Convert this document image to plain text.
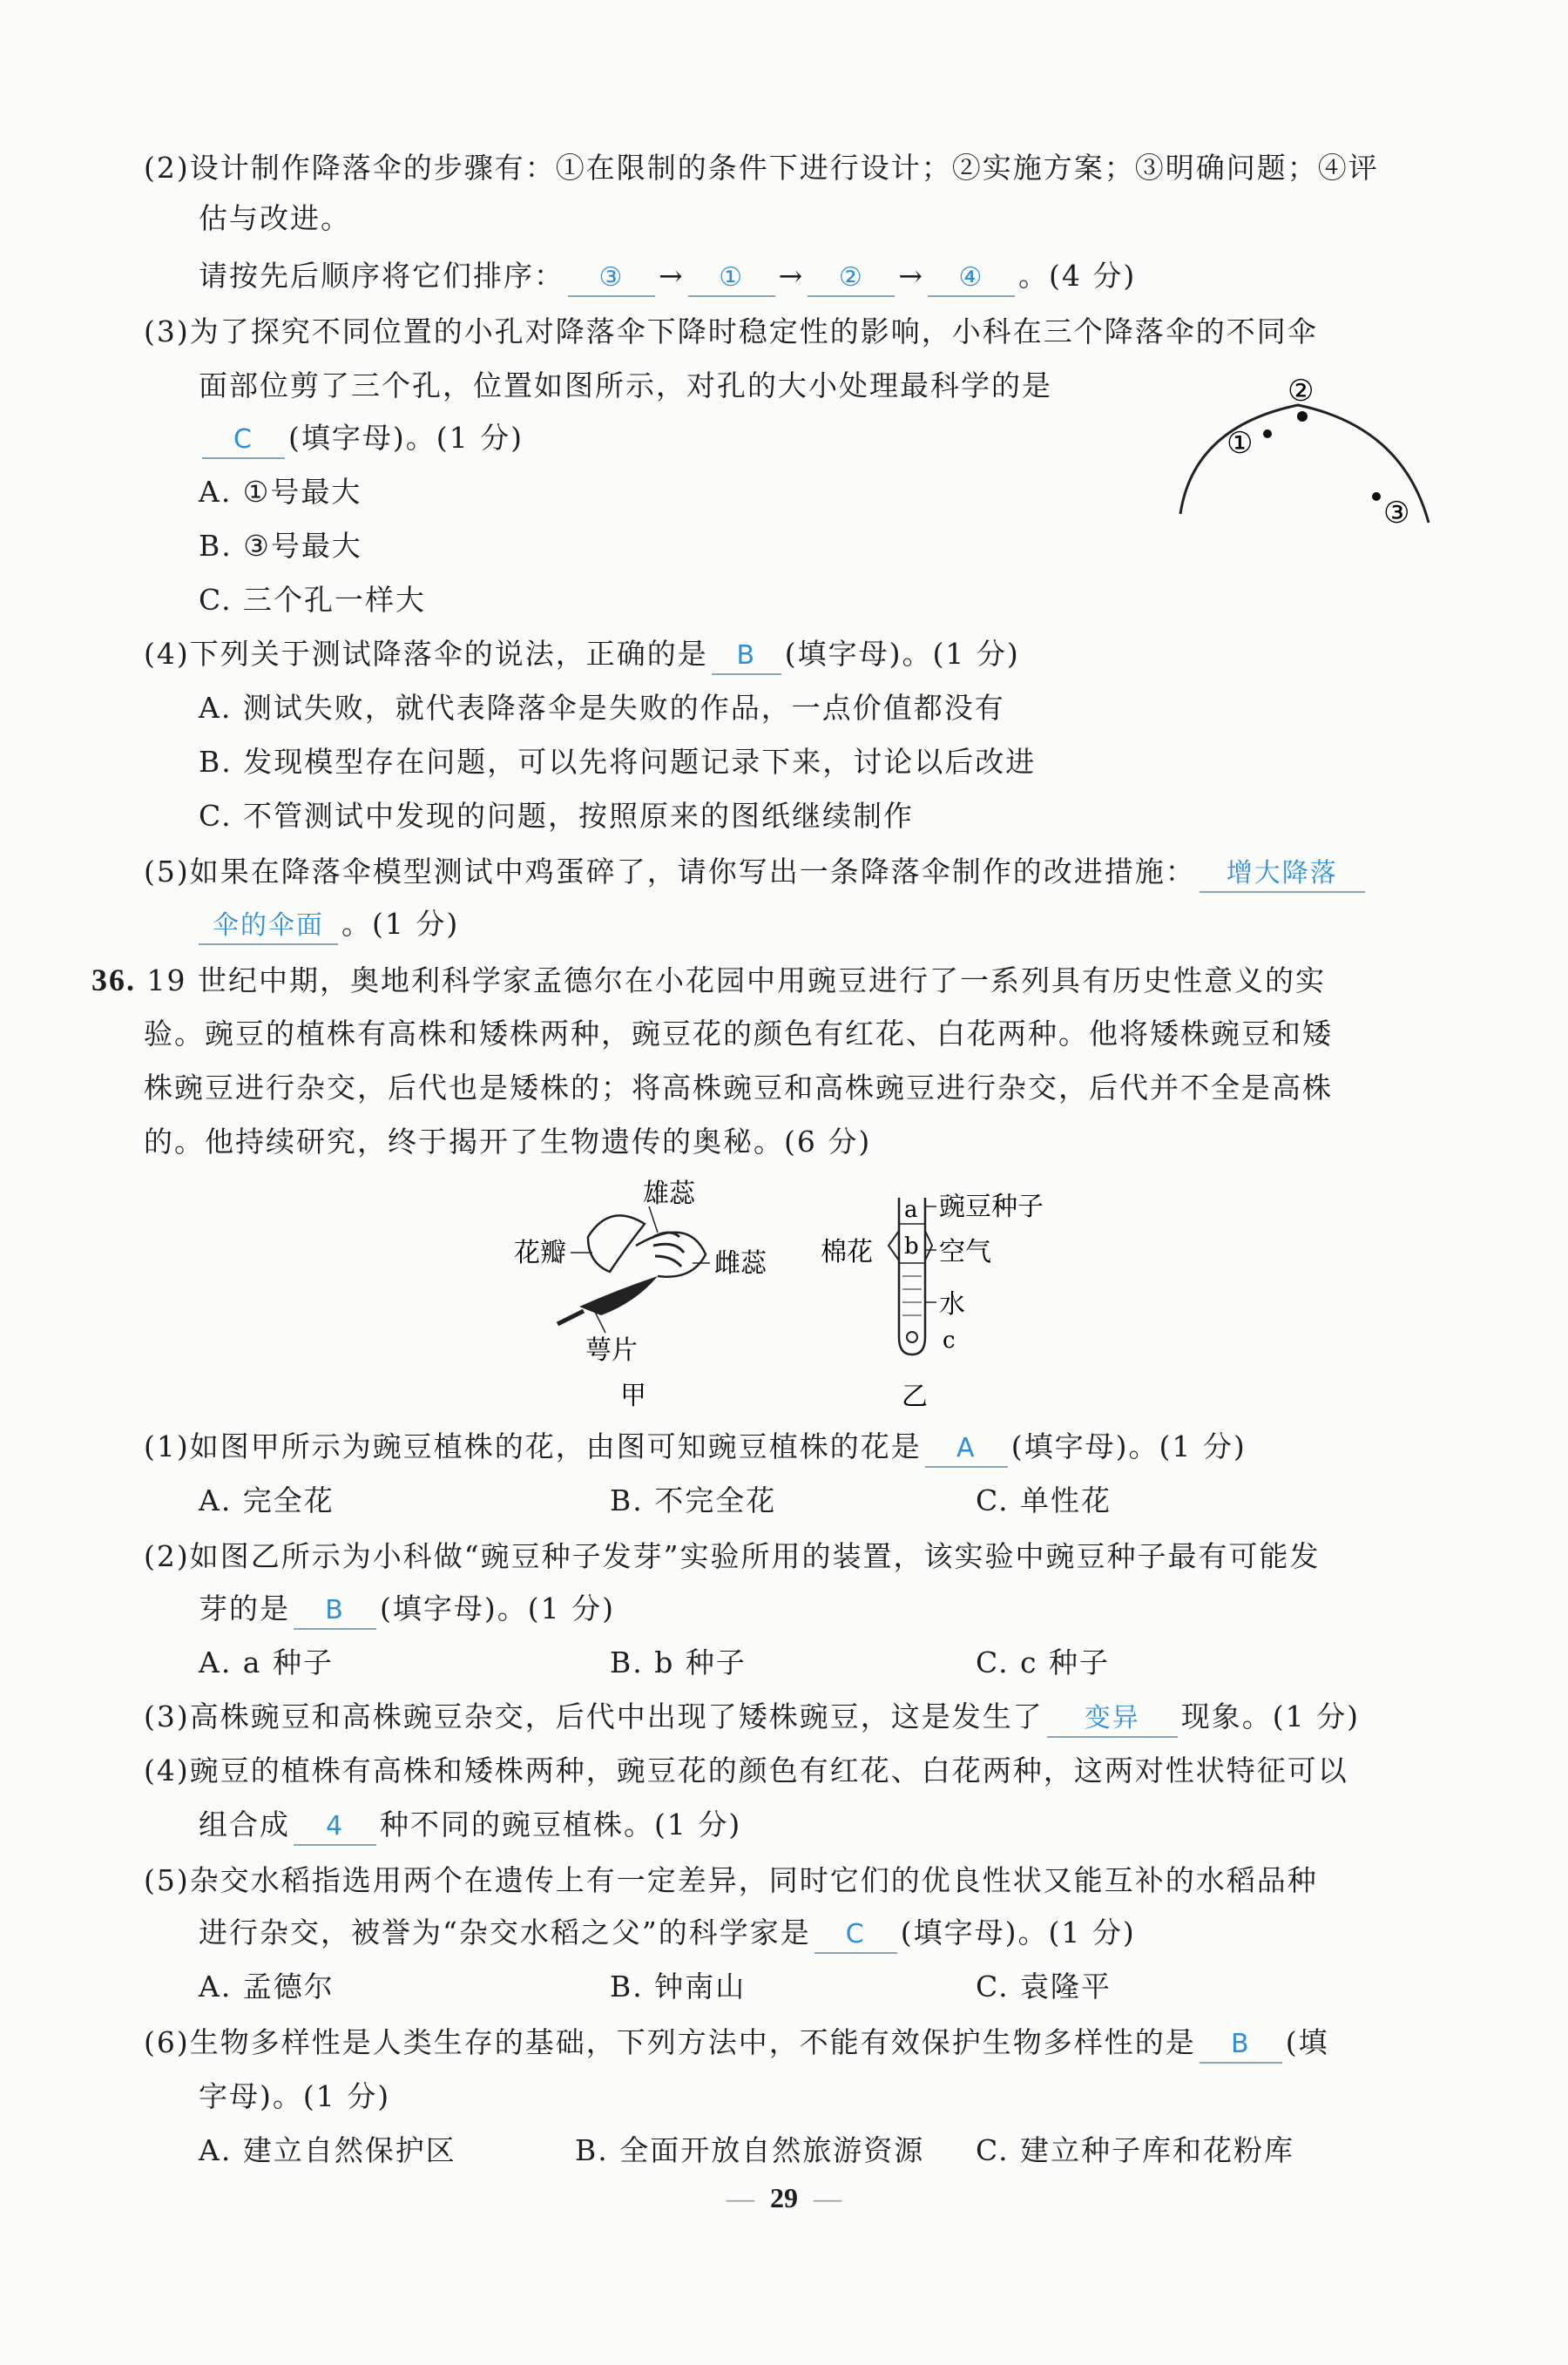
(2)设计制作降落伞的步骤有：①在限制的条件下进行设计；②实施方案；③明确问题；④评
估与改进。
请按先后顺序将它们排序： ③ → ① → ② → ④ 。(4 分)
(3)为了探究不同位置的小孔对降落伞下降时稳定性的影响，小科在三个降落伞的不同伞
面部位剪了三个孔，位置如图所示，对孔的大小处理最科学的是
C (填字母)。(1 分)
A. ①号最大
B. ③号最大
C. 三个孔一样大
②
①
③
(4)下列关于测试降落伞的说法，正确的是 B (填字母)。(1 分)
A. 测试失败，就代表降落伞是失败的作品，一点价值都没有
B. 发现模型存在问题，可以先将问题记录下来，讨论以后改进
C. 不管测试中发现的问题，按照原来的图纸继续制作
(5)如果在降落伞模型测试中鸡蛋碎了，请你写出一条降落伞制作的改进措施： 增大降落
伞的伞面 。(1 分)
36. 19 世纪中期，奥地利科学家孟德尔在小花园中用豌豆进行了一系列具有历史性意义的实
验。豌豆的植株有高株和矮株两种，豌豆花的颜色有红花、白花两种。他将矮株豌豆和矮
株豌豆进行杂交，后代也是矮株的；将高株豌豆和高株豌豆进行杂交，后代并不全是高株
的。他持续研究，终于揭开了生物遗传的奥秘。(6 分)
雄蕊
花瓣	雌蕊
萼片
甲
a
b
c
豌豆种子
空气
水
棉花
乙
(1)如图甲所示为豌豆植株的花，由图可知豌豆植株的花是 A (填字母)。(1 分)
A. 完全花	B. 不完全花	C. 单性花
(2)如图乙所示为小科做“豌豆种子发芽”实验所用的装置，该实验中豌豆种子最有可能发
芽的是 B (填字母)。(1 分)
A. a 种子	B. b 种子	C. c 种子
(3)高株豌豆和高株豌豆杂交，后代中出现了矮株豌豆，这是发生了 变异 现象。(1 分)
(4)豌豆的植株有高株和矮株两种，豌豆花的颜色有红花、白花两种，这两对性状特征可以
组合成 4 种不同的豌豆植株。(1 分)
(5)杂交水稻指选用两个在遗传上有一定差异，同时它们的优良性状又能互补的水稻品种
进行杂交，被誉为“杂交水稻之父”的科学家是 C (填字母)。(1 分)
A. 孟德尔	B. 钟南山	C. 袁隆平
(6)生物多样性是人类生存的基础，下列方法中，不能有效保护生物多样性的是 B (填
字母)。(1 分)
A. 建立自然保护区	B. 全面开放自然旅游资源 C. 建立种子库和花粉库
— 29 —
